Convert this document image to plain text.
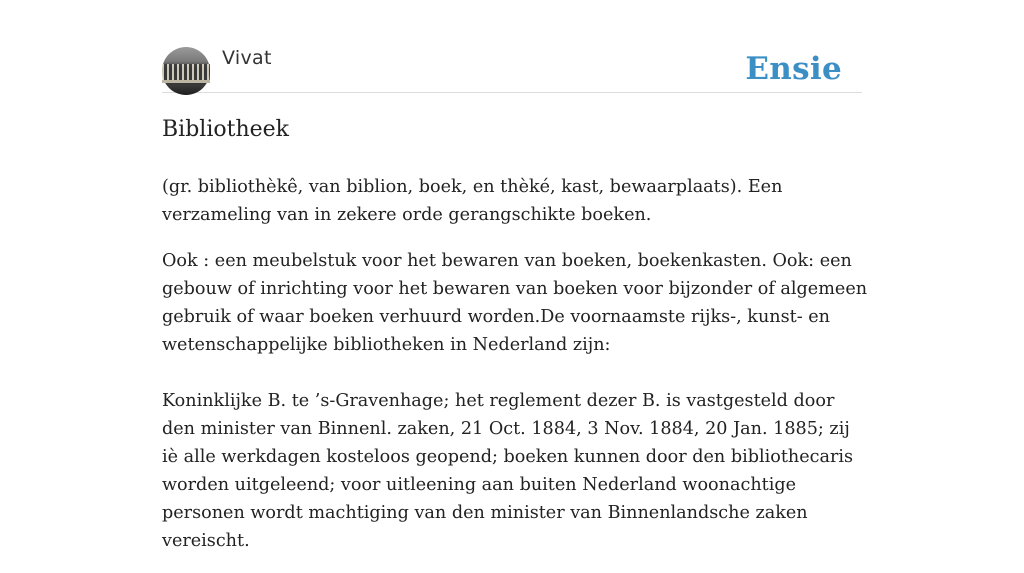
Vivat	Ensie
Bibliotheek

(gr. bibliothèkê, van biblion, boek, en thèké, kast, bewaarplaats). Een verzameling van in zekere orde gerangschikte boeken.

Ook : een meubelstuk voor het bewaren van boeken, boekenkasten. Ook: een gebouw of inrichting voor het bewaren van boeken voor bijzonder of algemeen gebruik of waar boeken verhuurd worden.De voornaamste rijks-, kunst- en wetenschappelijke bibliotheken in Nederland zijn:

Koninklijke B. te ’s-Gravenhage; het reglement dezer B. is vastgesteld door den minister van Binnenl. zaken, 21 Oct. 1884, 3 Nov. 1884, 20 Jan. 1885; zij iè alle werkdagen kosteloos geopend; boeken kunnen door den bibliothecaris worden uitgeleend; voor uitleening aan buiten Nederland woonachtige personen wordt machtiging van den minister van Binnenlandsche zaken vereischt.
